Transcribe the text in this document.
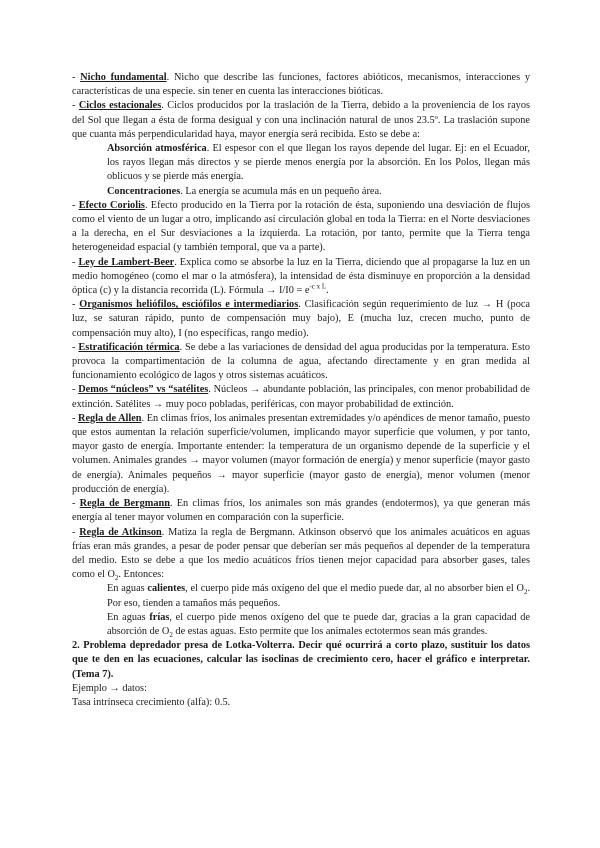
- Nicho fundamental. Nicho que describe las funciones, factores abióticos, mecanismos, interacciones y características de una especie. sin tener en cuenta las interacciones bióticas.

- Ciclos estacionales. Ciclos producidos por la traslación de la Tierra, debido a la proveniencia de los rayos del Sol que llegan a ésta de forma desigual y con una inclinación natural de unos 23.5º. La traslación supone que cuanta más perpendicularidad haya, mayor energía será recibida. Esto se debe a:

Absorción atmosférica. El espesor con el que llegan los rayos depende del lugar. Ej: en el Ecuador, los rayos llegan más directos y se pierde menos energía por la absorción. En los Polos, llegan más oblicuos y se pierde más energía.

Concentraciones. La energía se acumula más en un pequeño área.

- Efecto Coriolis. Efecto producido en la Tierra por la rotación de ésta, suponiendo una desviación de flujos como el viento de un lugar a otro, implicando así circulación global en toda la Tierra: en el Norte desviaciones a la derecha, en el Sur desviaciones a la izquierda. La rotación, por tanto, permite que la Tierra tenga heterogeneidad espacial (y también temporal, que va a parte).

- Ley de Lambert-Beer. Explica como se absorbe la luz en la Tierra, diciendo que al propagarse la luz en un medio homogéneo (como el mar o la atmósfera), la intensidad de ésta disminuye en proporción a la densidad óptica (c) y la distancia recorrida (L). Fórmula → $I/I0 = e^{-c x L}$.

- Organismos heliófilos, esciófilos e intermediarios. Clasificación según requerimiento de luz → H (poca luz, se saturan rápido, punto de compensación muy bajo), E (mucha luz, crecen mucho, punto de compensación muy alto), I (no específicas, rango medio).

- Estratificación térmica. Se debe a las variaciones de densidad del agua producidas por la temperatura. Esto provoca la compartimentación de la columna de agua, afectando directamente y en gran medida al funcionamiento ecológico de lagos y otros sistemas acuáticos.

- Demos “núcleos” vs “satélites. Núcleos → abundante población, las principales, con menor probabilidad de extinción. Satélites → muy poco pobladas, periféricas, con mayor probabilidad de extinción.

- Regla de Allen. En climas fríos, los animales presentan extremidades y/o apéndices de menor tamaño, puesto que estos aumentan la relación superficie/volumen, implicando mayor superficie que volumen, y por tanto, mayor gasto de energía. Importante entender: la temperatura de un organismo depende de la superficie y el volumen. Animales grandes → mayor volumen (mayor formación de energía) y menor superficie (mayor gasto de energía). Animales pequeños → mayor superficie (mayor gasto de energía), menor volumen (menor producción de energía).

- Regla de Bergmann. En climas fríos, los animales son más grandes (endotermos), ya que generan más energía al tener mayor volumen en comparación con la superficie.

- Regla de Atkinson. Matiza la regla de Bergmann. Atkinson observó que los animales acuáticos en aguas frías eran más grandes, a pesar de poder pensar que deberían ser más pequeños al depender de la temperatura del medio. Esto se debe a que los medio acuáticos fríos tienen mejor capacidad para absorber gases, tales como el $O_2$. Entonces:

En aguas calientes, el cuerpo pide más oxígeno del que el medio puede dar, al no absorber bien el $O_2$. Por eso, tienden a tamaños más pequeños.

En aguas frías, el cuerpo pide menos oxígeno del que te puede dar, gracias a la gran capacidad de absorción de $O_2$ de estas aguas. Esto permite que los animales ectotermos sean más grandes.

2. Problema depredador presa de Lotka-Volterra. Decir qué ocurrirá a corto plazo, sustituir los datos que te den en las ecuaciones, calcular las isoclinas de crecimiento cero, hacer el gráfico e interpretar. (Tema 7).

Ejemplo → datos:

Tasa intrínseca crecimiento (alfa): 0.5.
